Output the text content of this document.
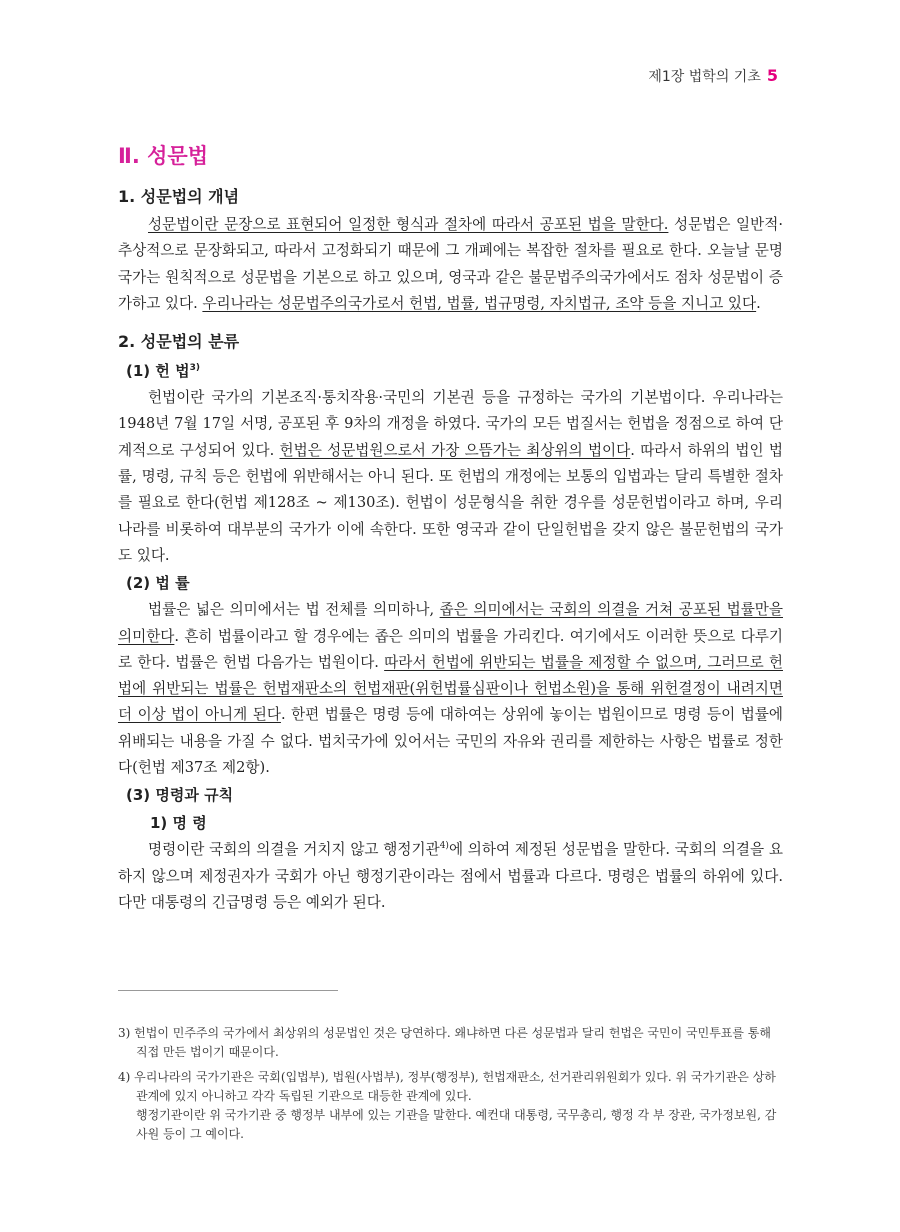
제1장 법학의 기초 5
Ⅱ. 성문법
1. 성문법의 개념

성문법이란 문장으로 표현되어 일정한 형식과 절차에 따라서 공포된 법을 말한다. 성문법은 일반적·추상적으로 문장화되고, 따라서 고정화되기 때문에 그 개폐에는 복잡한 절차를 필요로 한다. 오늘날 문명국가는 원칙적으로 성문법을 기본으로 하고 있으며, 영국과 같은 불문법주의국가에서도 점차 성문법이 증가하고 있다. 우리나라는 성문법주의국가로서 헌법, 법률, 법규명령, 자치법규, 조약 등을 지니고 있다.

2. 성문법의 분류
(1) 헌 법$^{3)}$

헌법이란 국가의 기본조직·통치작용·국민의 기본권 등을 규정하는 국가의 기본법이다. 우리나라는 1948년 7월 17일 서명, 공포된 후 9차의 개정을 하였다. 국가의 모든 법질서는 헌법을 정점으로 하여 단계적으로 구성되어 있다. 헌법은 성문법원으로서 가장 으뜸가는 최상위의 법이다. 따라서 하위의 법인 법률, 명령, 규칙 등은 헌법에 위반해서는 아니 된다. 또 헌법의 개정에는 보통의 입법과는 달리 특별한 절차를 필요로 한다(헌법 제128조 ~ 제130조). 헌법이 성문형식을 취한 경우를 성문헌법이라고 하며, 우리나라를 비롯하여 대부분의 국가가 이에 속한다. 또한 영국과 같이 단일헌법을 갖지 않은 불문헌법의 국가도 있다.

(2) 법 률

법률은 넓은 의미에서는 법 전체를 의미하나, 좁은 의미에서는 국회의 의결을 거쳐 공포된 법률만을 의미한다. 흔히 법률이라고 할 경우에는 좁은 의미의 법률을 가리킨다. 여기에서도 이러한 뜻으로 다루기로 한다. 법률은 헌법 다음가는 법원이다. 따라서 헌법에 위반되는 법률을 제정할 수 없으며, 그러므로 헌법에 위반되는 법률은 헌법재판소의 헌법재판(위헌법률심판이나 헌법소원)을 통해 위헌결정이 내려지면 더 이상 법이 아니게 된다. 한편 법률은 명령 등에 대하여는 상위에 놓이는 법원이므로 명령 등이 법률에 위배되는 내용을 가질 수 없다. 법치국가에 있어서는 국민의 자유와 권리를 제한하는 사항은 법률로 정한다(헌법 제37조 제2항).

(3) 명령과 규칙
1) 명 령

명령이란 국회의 의결을 거치지 않고 행정기관$^{4)}$에 의하여 제정된 성문법을 말한다. 국회의 의결을 요하지 않으며 제정권자가 국회가 아닌 행정기관이라는 점에서 법률과 다르다. 명령은 법률의 하위에 있다. 다만 대통령의 긴급명령 등은 예외가 된다.

3) 헌법이 민주주의 국가에서 최상위의 성문법인 것은 당연하다. 왜냐하면 다른 성문법과 달리 헌법은 국민이 국민투표를 통해 직접 만든 법이기 때문이다.
4) 우리나라의 국가기관은 국회(입법부), 법원(사법부), 정부(행정부), 헌법재판소, 선거관리위원회가 있다. 위 국가기관은 상하 관계에 있지 아니하고 각각 독립된 기관으로 대등한 관계에 있다.

행정기관이란 위 국가기관 중 행정부 내부에 있는 기관을 말한다. 예컨대 대통령, 국무총리, 행정 각 부 장관, 국가정보원, 감사원 등이 그 예이다.
